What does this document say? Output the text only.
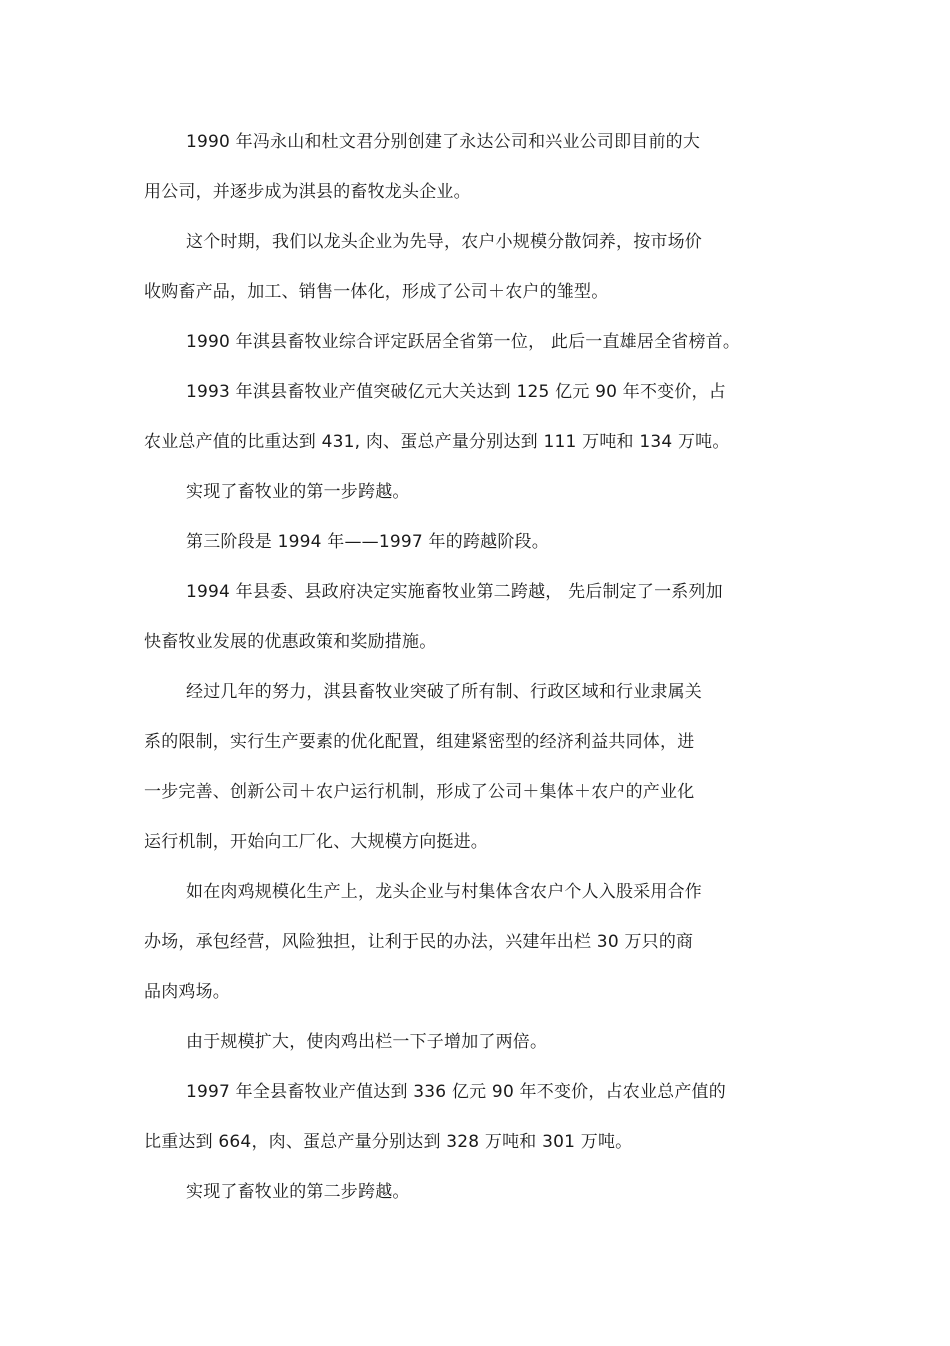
1990 年冯永山和杜文君分别创建了永达公司和兴业公司即目前的大
用公司，并逐步成为淇县的畜牧龙头企业。
这个时期，我们以龙头企业为先导，农户小规模分散饲养，按市场价
收购畜产品，加工、销售一体化，形成了公司＋农户的雏型。
1990 年淇县畜牧业综合评定跃居全省第一位， 此后一直雄居全省榜首。
1993 年淇县畜牧业产值突破亿元大关达到 125 亿元 90 年不变价，占
农业总产值的比重达到 431, 肉、蛋总产量分别达到 111 万吨和 134 万吨。
实现了畜牧业的第一步跨越。
第三阶段是 1994 年——1997 年的跨越阶段。
1994 年县委、县政府决定实施畜牧业第二跨越， 先后制定了一系列加
快畜牧业发展的优惠政策和奖励措施。
经过几年的努力，淇县畜牧业突破了所有制、行政区域和行业隶属关
系的限制，实行生产要素的优化配置，组建紧密型的经济利益共同体，进
一步完善、创新公司＋农户运行机制，形成了公司＋集体＋农户的产业化
运行机制，开始向工厂化、大规模方向挺进。
如在肉鸡规模化生产上，龙头企业与村集体含农户个人入股采用合作
办场，承包经营，风险独担，让利于民的办法，兴建年出栏 30 万只的商
品肉鸡场。
由于规模扩大，使肉鸡出栏一下子增加了两倍。
1997 年全县畜牧业产值达到 336 亿元 90 年不变价，占农业总产值的
比重达到 664，肉、蛋总产量分别达到 328 万吨和 301 万吨。
实现了畜牧业的第二步跨越。
